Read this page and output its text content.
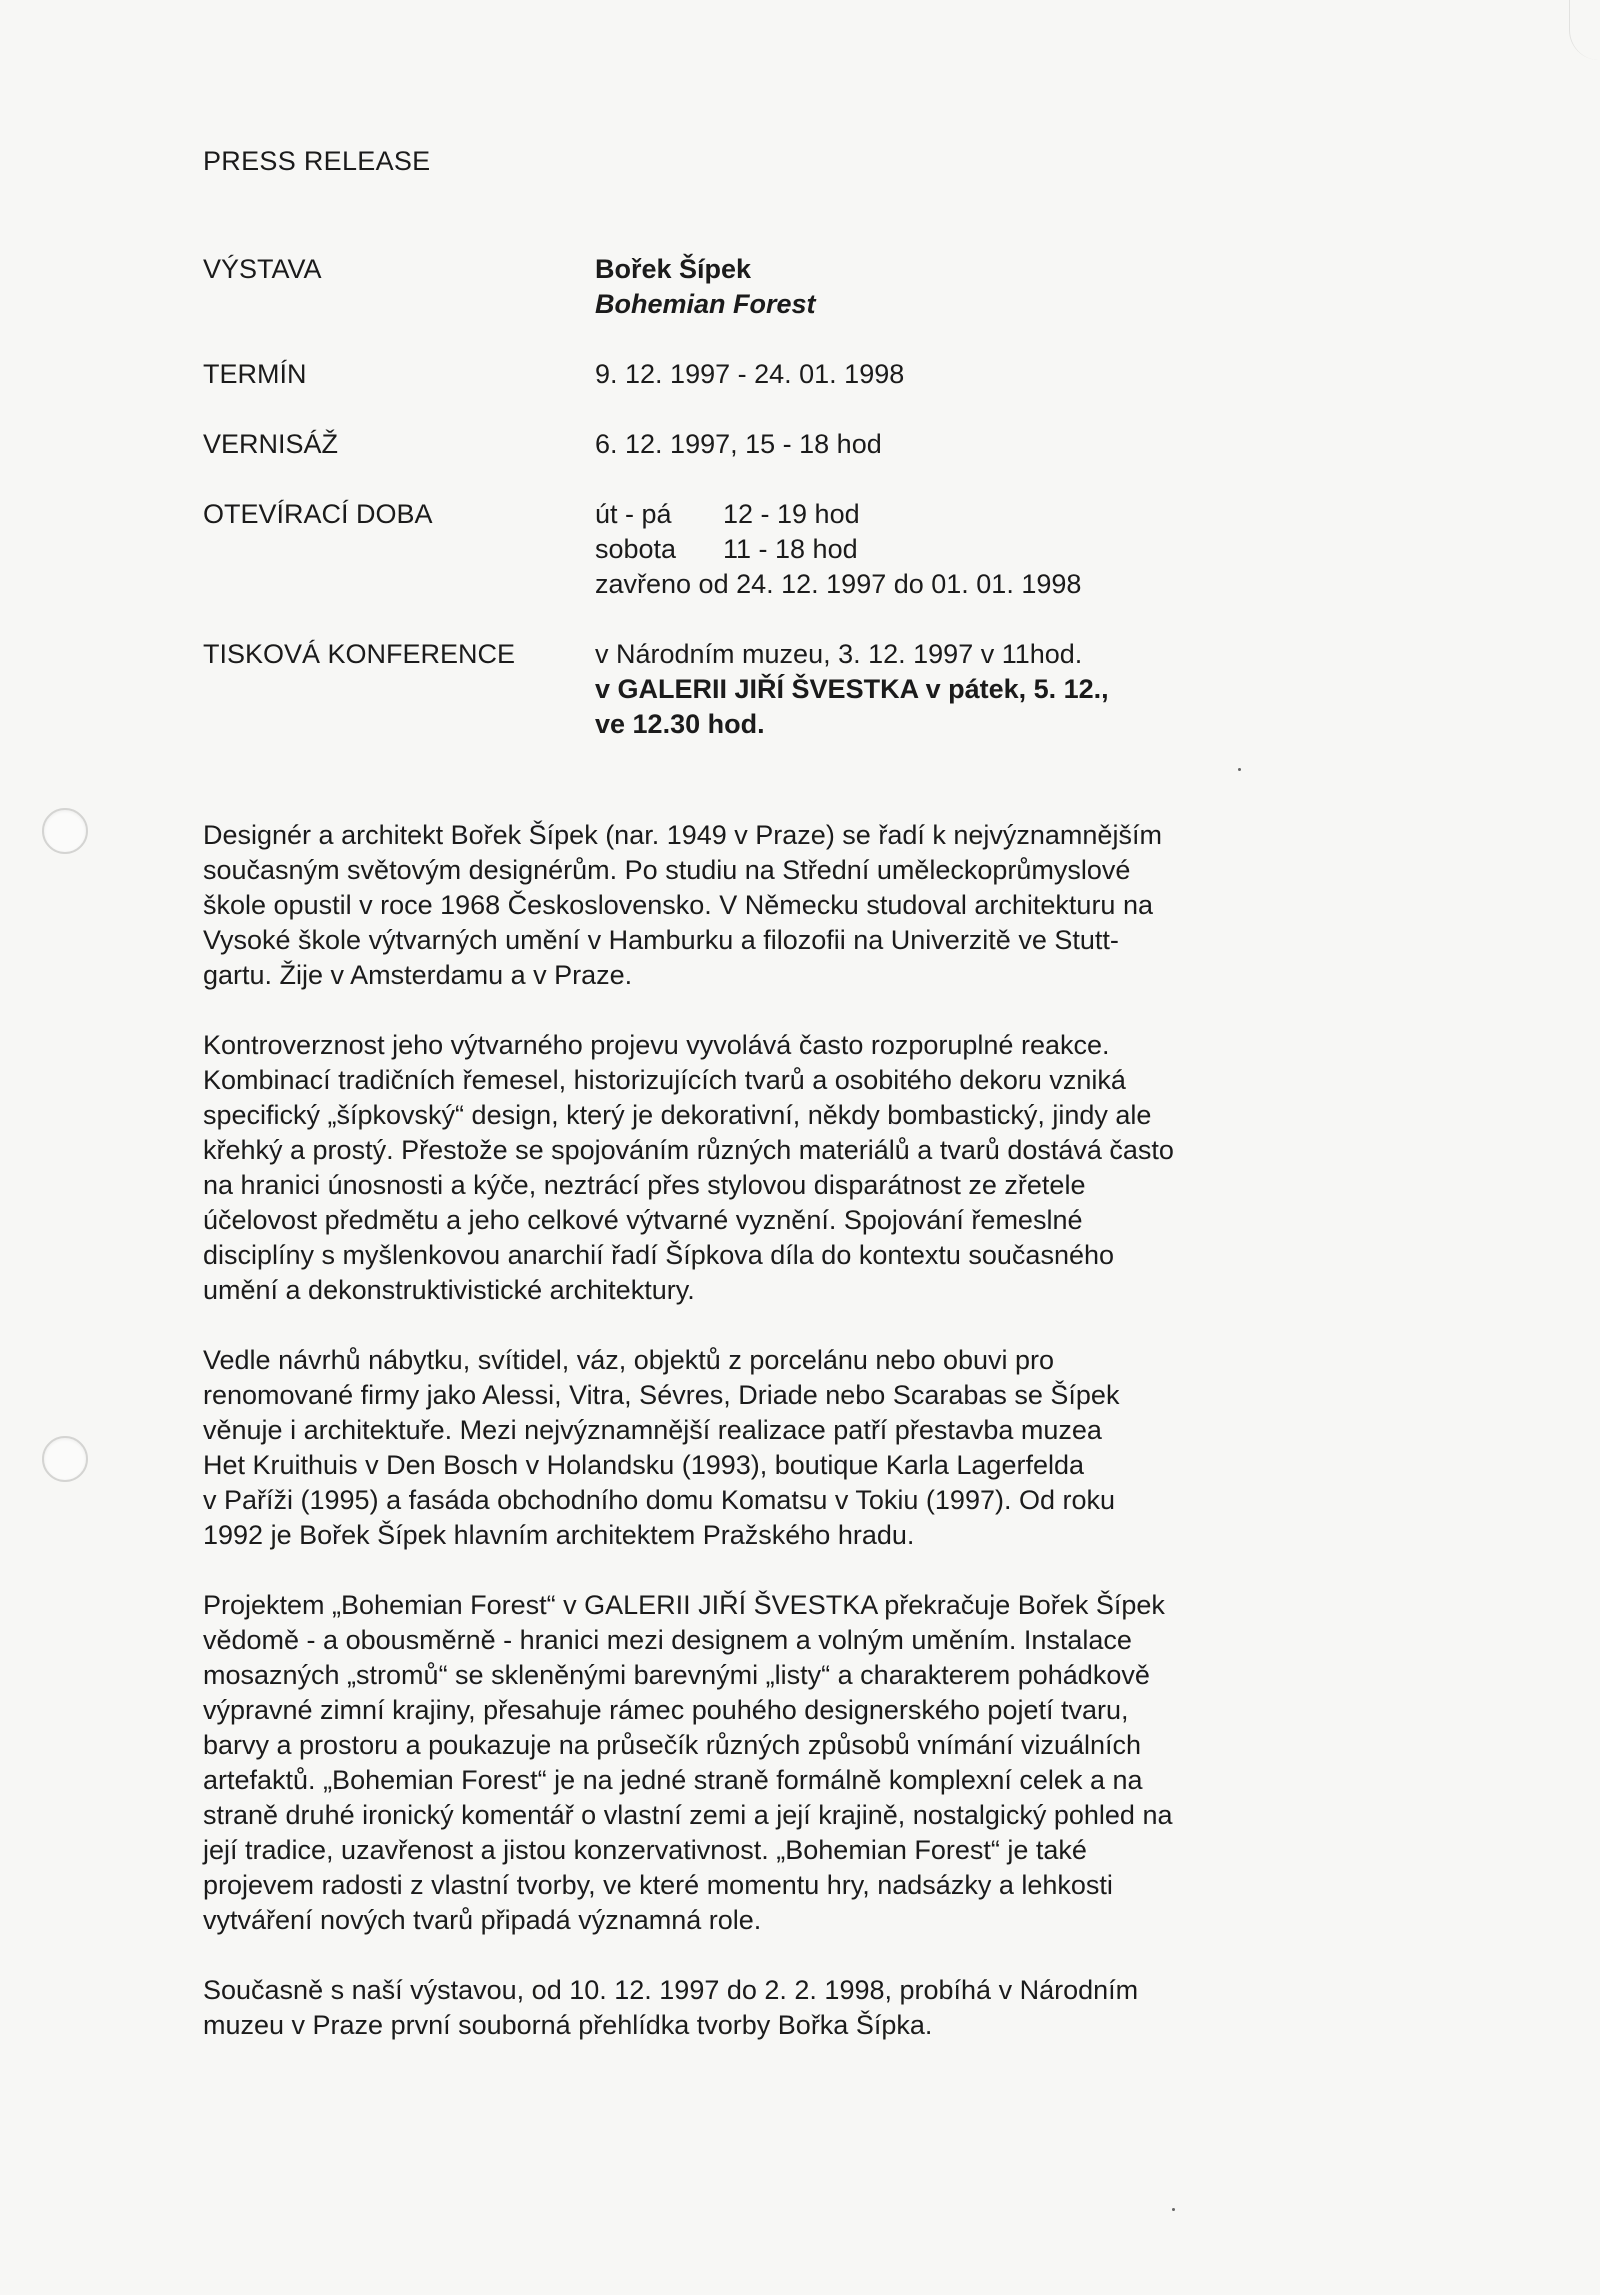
PRESS RELEASE
VÝSTAVA	Bořek Šípek
Bohemian Forest
TERMÍN	9. 12. 1997 - 24. 01. 1998
VERNISÁŽ	6. 12. 1997, 15 - 18 hod
OTEVÍRACÍ DOBA	út - pá 12 - 19 hod
sobota 11 - 18 hod
zavřeno od 24. 12. 1997 do 01. 01. 1998
TISKOVÁ KONFERENCE	v Národním muzeu, 3. 12. 1997 v 11hod.
v GALERII JIŘÍ ŠVESTKA v pátek, 5. 12.,
ve 12.30 hod.

Designér a architekt Bořek Šípek (nar. 1949 v Praze) se řadí k nejvýznamnějším
současným světovým designérům. Po studiu na Střední uměleckoprůmyslové
škole opustil v roce 1968 Československo. V Německu studoval architekturu na
Vysoké škole výtvarných umění v Hamburku a filozofii na Univerzitě ve Stutt-
gartu. Žije v Amsterdamu a v Praze.

Kontroverznost jeho výtvarného projevu vyvolává často rozporuplné reakce.
Kombinací tradičních řemesel, historizujících tvarů a osobitého dekoru vzniká
specifický „šípkovský“ design, který je dekorativní, někdy bombastický, jindy ale
křehký a prostý. Přestože se spojováním různých materiálů a tvarů dostává často
na hranici únosnosti a kýče, neztrácí přes stylovou disparátnost ze zřetele
účelovost předmětu a jeho celkové výtvarné vyznění. Spojování řemeslné
disciplíny s myšlenkovou anarchií řadí Šípkova díla do kontextu současného
umění a dekonstruktivistické architektury.

Vedle návrhů nábytku, svítidel, váz, objektů z porcelánu nebo obuvi pro
renomované firmy jako Alessi, Vitra, Sévres, Driade nebo Scarabas se Šípek
věnuje i architektuře. Mezi nejvýznamnější realizace patří přestavba muzea
Het Kruithuis v Den Bosch v Holandsku (1993), boutique Karla Lagerfelda
v Paříži (1995) a fasáda obchodního domu Komatsu v Tokiu (1997). Od roku
1992 je Bořek Šípek hlavním architektem Pražského hradu.

Projektem „Bohemian Forest“ v GALERII JIŘÍ ŠVESTKA překračuje Bořek Šípek
vědomě - a obousměrně - hranici mezi designem a volným uměním. Instalace
mosazných „stromů“ se skleněnými barevnými „listy“ a charakterem pohádkově
výpravné zimní krajiny, přesahuje rámec pouhého designerského pojetí tvaru,
barvy a prostoru a poukazuje na průsečík různých způsobů vnímání vizuálních
artefaktů. „Bohemian Forest“ je na jedné straně formálně komplexní celek a na
straně druhé ironický komentář o vlastní zemi a její krajině, nostalgický pohled na
její tradice, uzavřenost a jistou konzervativnost. „Bohemian Forest“ je také
projevem radosti z vlastní tvorby, ve které momentu hry, nadsázky a lehkosti
vytváření nových tvarů připadá významná role.

Současně s naší výstavou, od 10. 12. 1997 do 2. 2. 1998, probíhá v Národním
muzeu v Praze první souborná přehlídka tvorby Bořka Šípka.
